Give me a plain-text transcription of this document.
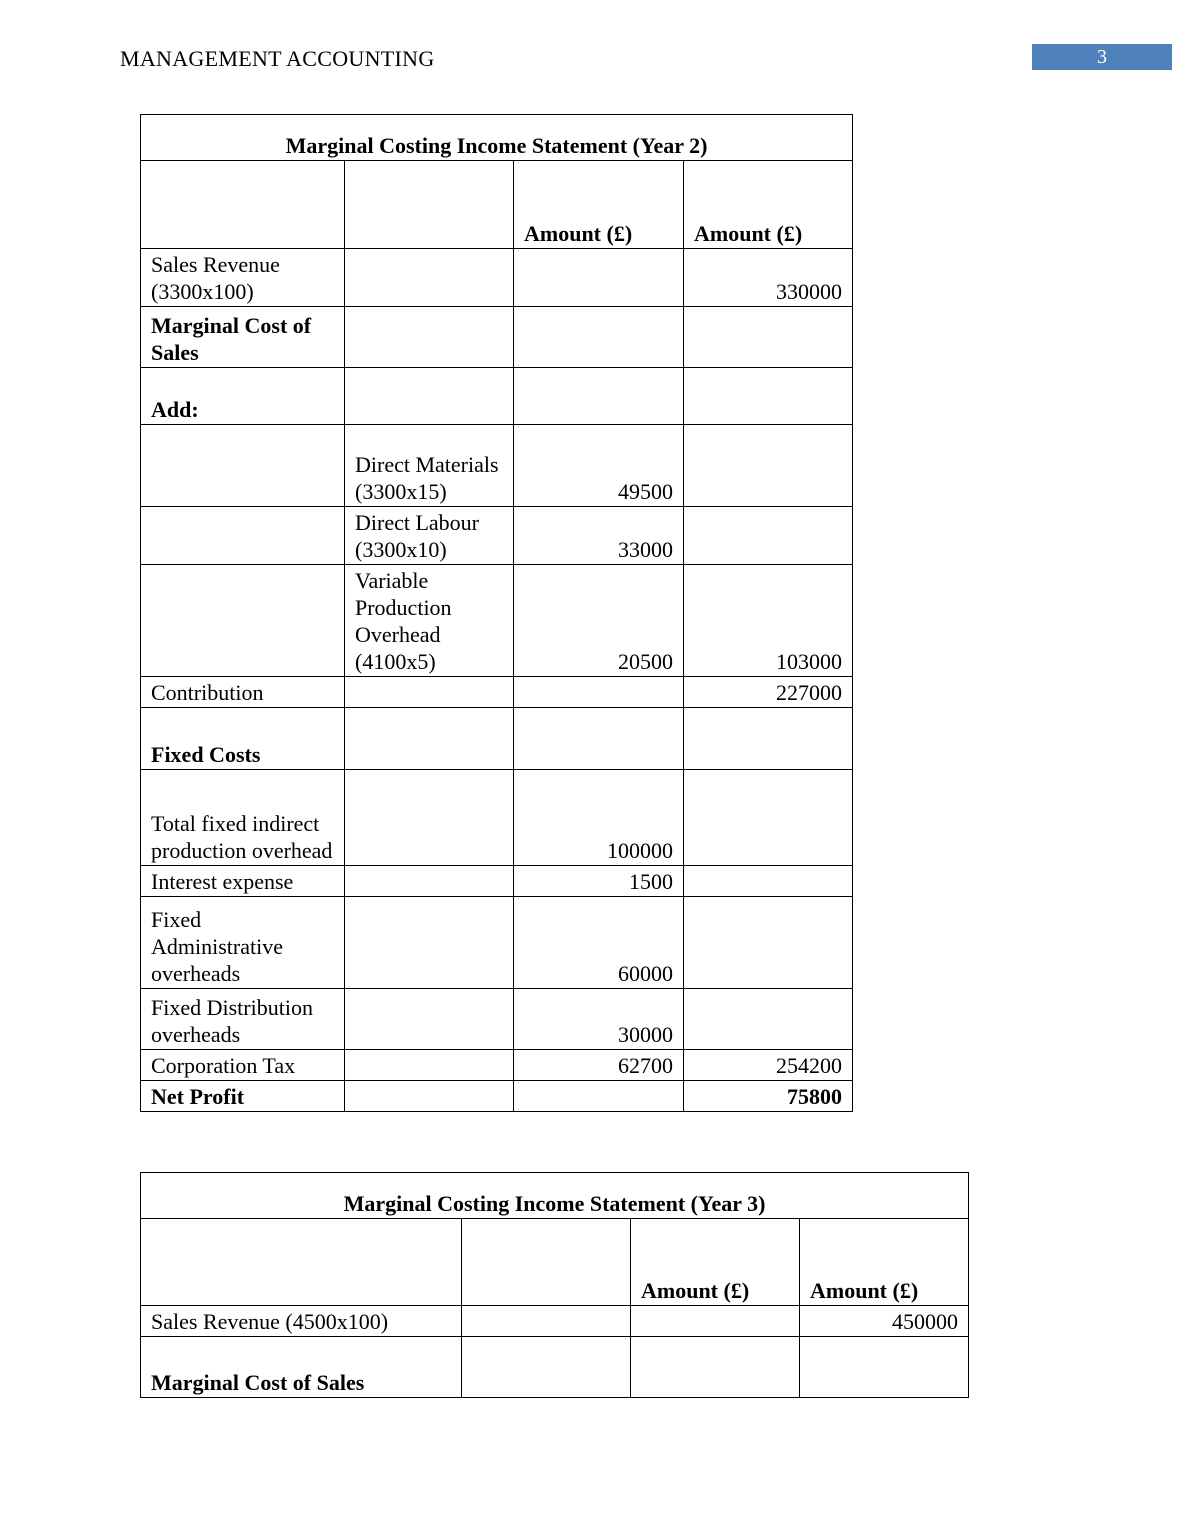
MANAGEMENT ACCOUNTING	3
Marginal Costing Income Statement (Year 2)			
		Amount (£)	Amount (£)
Sales Revenue (3300x100)			330000
Marginal Cost of Sales			
Add:			
	Direct Materials (3300x15)	49500	
	Direct Labour (3300x10)	33000	
	Variable Production Overhead (4100x5)	20500	103000
Contribution			227000
Fixed Costs			
Total fixed indirect production overhead		100000	
Interest expense		1500	
Fixed Administrative overheads		60000	
Fixed Distribution overheads		30000	
Corporation Tax		62700	254200
Net Profit			75800
Marginal Costing Income Statement (Year 3)			
		Amount (£)	Amount (£)
Sales Revenue (4500x100)			450000
Marginal Cost of Sales			
